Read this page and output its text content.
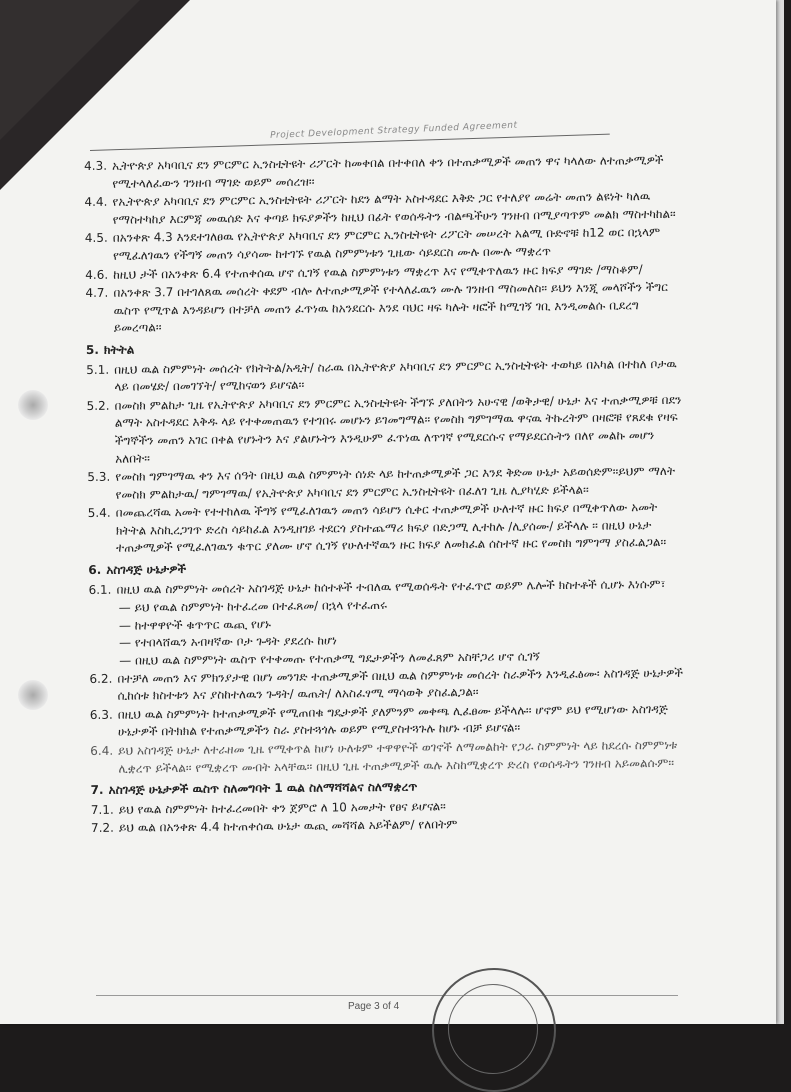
Project Development Strategy Funded Agreement
4.3. ኢትዮጵያ አካባቢና ደን ምርምር ኢንስቲትዩት ሪፖርት ከመቀበል በተቀበለ ቀን በተጠቃሚዎች መጠን ዋና ካላለው ለተጠቃሚዎች የሚተላለፈውን ገንዘብ ማገድ ወይም መሰረዝ፡፡
4.4. የኢትዮጵያ አካባቢና ደን ምርምር ኢንስቲትዩት ሪፖርት ከደን ልማት አስተዳደር እቅድ ጋር የተለያየ መሬት መጠን ልዩነት ካለዉ የማስተካከያ እርምጃ መዉሰድ እና ቀጣይ ክፍያዎችን ከዚህ በፊት የወሰዱትን ብልጫችሁን ገንዘብ በሚያጣጥም መልክ ማስተካከል፡፡
4.5. በአንቀጽ 4.3 እንደተገለፀዉ የኢትዮጵያ አካባቢና ደን ምርምር ኢንስቲትዩት ሪፖርት መሠረት አልሚ ቡድኖቹ ከ12 ወር በኋላም የሚፈለገዉን የችግኝ መጠን ሳያሳሙ ከተገኙ የዉል ስምምነቱን ጊዜው ሳይደርስ ሙሉ በሙሉ ማቋረጥ
4.6. ከዚህ ታች በአንቀጽ 6.4 የተጠቀሰዉ ሆኖ ሲገኝ የዉል ስምምነቱን ማቋረጥ እና የሚቀጥለዉን ዙር ክፍያ ማገድ /ማስቆም/
4.7. በአንቀጽ 3.7 በተገለጸዉ መሰረት ቀደም ብሎ ለተጠቃሚዎች የተላለፈዉን ሙሉ ገንዘብ ማስመለስ፡፡ ይህን እንጂ መላሾችን ችግር ዉስጥ የሚጥል እንዳይሆን በተቻለ መጠን ፈጥነዉ ከአንደርሱ እንደ ባህር ዛፍ ካሉት ዛፎች ከሚገኝ ገቢ እንዲመልሱ ቢደረግ ይመረጣል፡፡
5. ክትትል
5.1. በዚህ ዉል ስምምነት መሰረት የክትትል/አዲት/ ስራዉ በኢትዮጵያ አካባቢና ደን ምርምር ኢንስቲትዩት ተወካይ በአካል በተከለ ቦታዉ ላይ በመሄድ/ በመገኘት/ የሚከናወን ይሆናል፡፡
5.2. በመስክ ምልከታ ጊዜ የኢትዮጵያ አካባቢና ደን ምርምር ኢንስቲትዩት ችግኙ ያለበትን አሁናዊ /ወቅታዊ/ ሁኔታ እና ተጠቃሚዎቹ በደን ልማት አስተዳደር እቅዱ ላይ የተቀመጠዉን የተገበሩ መሆኑን ይገመግማል፡፡ የመስክ ግምገማዉ ዋናዉ ትኩረትም በዛፎቹ የጸደቁ የዛፍ ችግኞችን መጠን አገር በቀል የሆኑትን እና ያልሆኑትን እንዲሁም ፈጥነዉ ለጥገኛ የሚደርሱና የማይደርሱትን በለየ መልኩ መሆን አለበት፡፡
5.3. የመስክ ግምገማዉ ቀን እና ሰዓት በዚህ ዉል ስምምነት ሰነድ ላይ ከተጠቃሚዎች ጋር እንደ ቅድመ ሁኔታ አይወሰድም፡፡ይህም ማለት የመስክ ምልከታዉ/ ግምገማዉ/ የኢትዮጵያ አካባቢና ደን ምርምር ኢንስቲትዩት በፈለገ ጊዜ ሊያካሂድ ይችላል፡፡
5.4. በመጨረሻዉ አመት የተተከለዉ ችግኝ የሚፈለገዉን መጠን ሳይሆን ሲቀር ተጠቃሚዎች ሁለተኛ ዙር ክፍያ በሚቀጥለው አመት ክትትል እስኪረጋገጥ ድረስ ሳይከፈል እንዲዘገይ ተደርጎ ያስተጨማሪ ክፍያ በድጋሚ ሊተከሉ /ሊያሰሙ/ ይችላሉ ፡፡ በዚህ ሁኔታ ተጠቃሚዎች የሚፈለገዉን ቁጥር ያለሙ ሆኖ ሲገኝ የሁለተኛዉን ዙር ክፍያ ለመክፈል ሰስተኛ ዙር የመስክ ግምገማ ያስፈልጋል፡፡
6. አስገዳጅ ሁኔታዎች
6.1. በዚህ ዉል ስምምነት መሰረት አስገዳጅ ሁኔታ ከሰተቶች ተብለዉ የሚወሰዱት የተፈጥሮ ወይም ሌሎች ክስተቶች ሲሆኑ እነሱም፣
— ይህ የዉል ስምምነት ከተፈረመ በተፈጸመ/ በኋላ የተፈጠሩ
— ከተዋዋዮች ቁጥጥር ዉጪ የሆኑ
— የተበላሸዉን አብዛኛው ቦታ ጉዳት ያደረሱ ከሆነ
— በዚህ ዉል ስምምነት ዉስጥ የተቀመጡ የተጠቃሚ ግዴታዎችን ለመፈጸም አስቸጋሪ ሆኖ ሲገኝ
6.2. በተቻለ መጠን እና ምክንያታዊ በሆነ መንገድ ተጠቃሚዎች በዚህ ዉል ስምምነቱ መሰረት ስራዎችን እንዲፈፅሙ፡ አስገዳጅ ሁኔታዎች ሲከሰቱ ክስተቱን እና ያስከተለዉን ጉዳት/ ዉጤት/ ለአስፈፃሚ ማሳወቅ ያስፈልጋል፡፡
6.3. በዚህ ዉል ስምምነት ከተጠቃሚዎች የሚጠበቁ ግዴታዎች ያለምንም መቀጫ ሊፈፀሙ ይችላሉ፡፡ ሆኖም ይህ የሚሆነው አስገዳጅ ሁኔታዎች በትክክል የተጠቃሚዎችን ስራ ያስተጓጎሉ ወይም የሚያስተጓጉሉ ከሆኑ ብቻ ይሆናል፡፡
6.4. ይህ አስገዳጅ ሁኔታ ለተራዘመ ጊዜ የሚቀጥል ከሆነ ሁለቱም ተዋዋዮች ወገኖች ለማመልከት የጋራ ስምምነት ላይ ከደረሱ ስምምነቱ ሊቋረጥ ይችላል፡፡ የሚቋረጥ መብት አላቸዉ፡፡ በዚህ ጊዜ ተጠቃሚዎች ዉሉ እስከሚቋረጥ ድረስ የወሰዱትን ገንዘብ አይመልሱም፡፡
7. አስገዳጅ ሁኔታዎች ዉስጥ ስለመግባት 1 ዉል ስለማሻሻልና ስለማቋረጥ
7.1. ይህ የዉል ስምምነት ከተፈረመበት ቀን ጀምሮ ለ 10 አመታት የፀና ይሆናል፡፡
7.2. ይህ ዉል በአንቀጽ 4.4 ከተጠቀሰዉ ሁኔታ ዉጪ መሻሻል አይችልም/ የለበትም
Page 3 of 4
